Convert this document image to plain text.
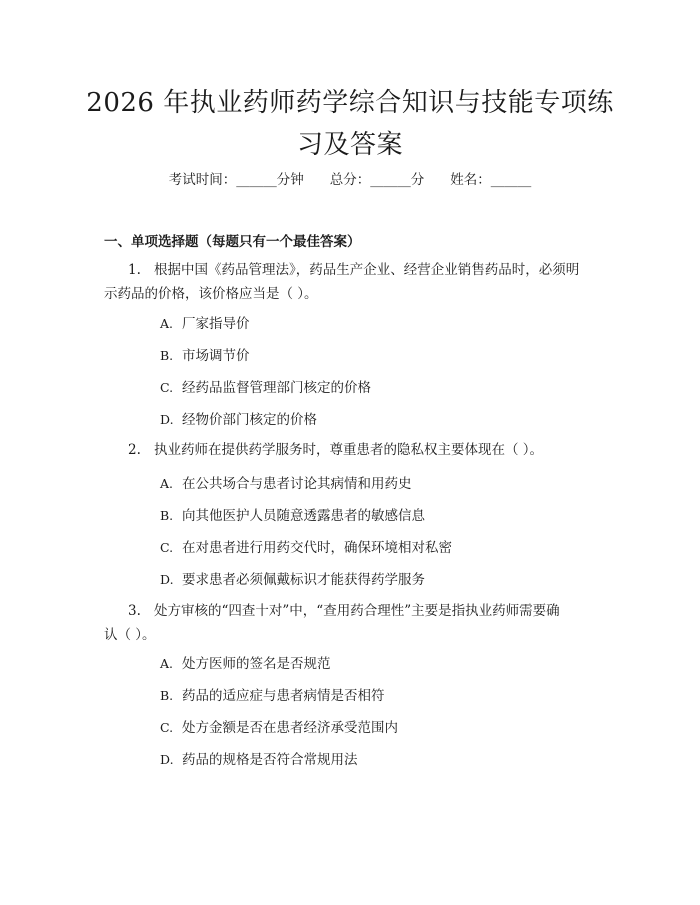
2026 年执业药师药学综合知识与技能专项练
习及答案
考试时间：______分钟 总分：______分 姓名：______
一、单项选择题（每题只有一个最佳答案）
1. 根据中国《药品管理法》，药品生产企业、经营企业销售药品时，必须明
示药品的价格，该价格应当是（ ）。
A. 厂家指导价
B. 市场调节价
C. 经药品监督管理部门核定的价格
D. 经物价部门核定的价格
2. 执业药师在提供药学服务时，尊重患者的隐私权主要体现在（ ）。
A. 在公共场合与患者讨论其病情和用药史
B. 向其他医护人员随意透露患者的敏感信息
C. 在对患者进行用药交代时，确保环境相对私密
D. 要求患者必须佩戴标识才能获得药学服务
3. 处方审核的“四查十对”中，“查用药合理性”主要是指执业药师需要确
认（ ）。
A. 处方医师的签名是否规范
B. 药品的适应症与患者病情是否相符
C. 处方金额是否在患者经济承受范围内
D. 药品的规格是否符合常规用法
